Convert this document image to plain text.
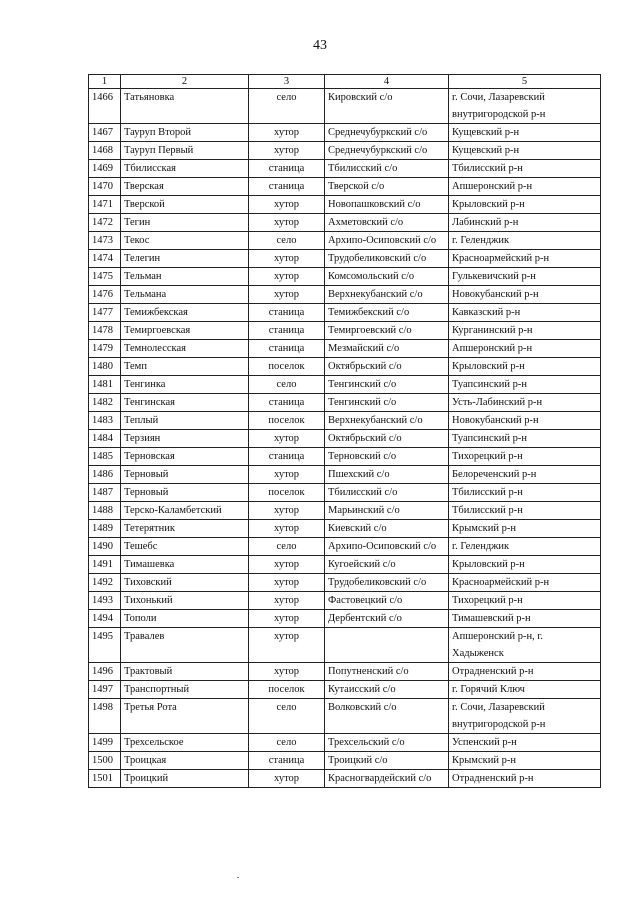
43
1	2	3	4	5
1466	Татьяновка	село	Кировский с/о	г. Сочи, Лазаревский внутригородской р-н
1467	Тауруп Второй	хутор	Среднечубуркский с/о	Кущевский р-н
1468	Тауруп Первый	хутор	Среднечубуркский с/о	Кущевский р-н
1469	Тбилисская	станица	Тбилисский с/о	Тбилисский р-н
1470	Тверская	станица	Тверской с/о	Апшеронский р-н
1471	Тверской	хутор	Новопашковский с/о	Крыловский р-н
1472	Тегин	хутор	Ахметовский с/о	Лабинский р-н
1473	Текос	село	Архипо-Осиповский с/о	г. Геленджик
1474	Телегин	хутор	Трудобеликовский с/о	Красноармейский р-н
1475	Тельман	хутор	Комсомольский с/о	Гулькевичский р-н
1476	Тельмана	хутор	Верхнекубанский с/о	Новокубанский р-н
1477	Темижбекская	станица	Темижбекский с/о	Кавказский р-н
1478	Темиргоевская	станица	Темиргоевский с/о	Курганинский р-н
1479	Темнолесская	станица	Мезмайский с/о	Апшеронский р-н
1480	Темп	поселок	Октябрьский с/о	Крыловский р-н
1481	Тенгинка	село	Тенгинский с/о	Туапсинский р-н
1482	Тенгинская	станица	Тенгинский с/о	Усть-Лабинский р-н
1483	Теплый	поселок	Верхнекубанский с/о	Новокубанский р-н
1484	Терзиян	хутор	Октябрьский с/о	Туапсинский р-н
1485	Терновская	станица	Терновский с/о	Тихорецкий р-н
1486	Терновый	хутор	Пшехский с/о	Белореченский р-н
1487	Терновый	поселок	Тбилисский с/о	Тбилисский р-н
1488	Терско-Каламбетский	хутор	Марьинский с/о	Тбилисский р-н
1489	Тетерятник	хутор	Киевский с/о	Крымский р-н
1490	Тешебс	село	Архипо-Осиповский с/о	г. Геленджик
1491	Тимашевка	хутор	Кугоейский с/о	Крыловский р-н
1492	Тиховский	хутор	Трудобеликовский с/о	Красноармейский р-н
1493	Тихонький	хутор	Фастовецкий с/о	Тихорецкий р-н
1494	Тополи	хутор	Дербентский с/о	Тимашевский р-н
1495	Травалев	хутор		Апшеронский р-н, г. Хадыженск
1496	Трактовый	хутор	Попутненский с/о	Отрадненский р-н
1497	Транспортный	поселок	Кутаисский с/о	г. Горячий Ключ
1498	Третья Рота	село	Волковский с/о	г. Сочи, Лазаревский внутригородской р-н
1499	Трехсельское	село	Трехсельский с/о	Успенский р-н
1500	Троицкая	станица	Троицкий с/о	Крымский р-н
1501	Троицкий	хутор	Красногвардейский с/о	Отрадненский р-н
